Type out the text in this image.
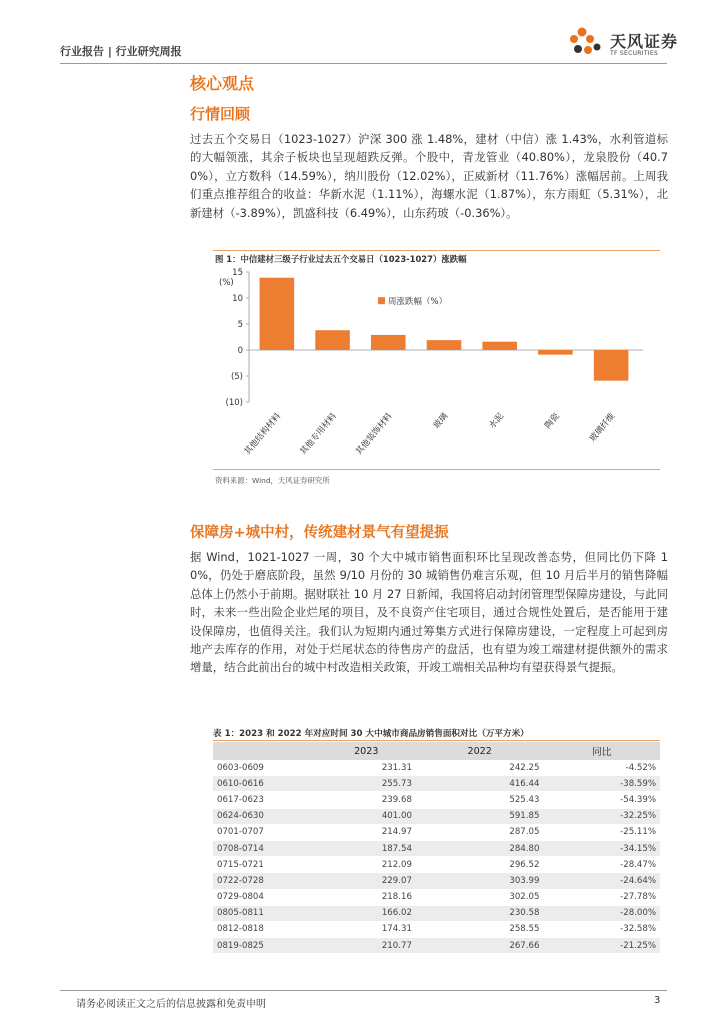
行业报告 | 行业研究周报
天风证券
TF SECURITIES
核心观点
行情回顾
过去五个交易日（1023-1027）沪深 300 涨 1.48%，建材（中信）涨 1.43%，水利管道标的大幅领涨，其余子板块也呈现超跌反弹。个股中，青龙管业（40.80%），龙泉股份（40.70%），立方数科（14.59%），纳川股份（12.02%），正威新材（11.76%）涨幅居前。上周我们重点推荐组合的收益：华新水泥（1.11%），海螺水泥（1.87%），东方雨虹（5.31%），北新建材（-3.89%），凯盛科技（6.49%），山东药玻（-0.36%）。
图 1：中信建材三级子行业过去五个交易日（1023-1027）涨跌幅
15
10
5
0
(5)
(10)
(%)
其他结构材料 其他专用材料 其他装饰材料	玻璃	水泥	陶瓷	玻璃纤维
周涨跌幅（%）
资料来源：Wind，天风证券研究所
保障房+城中村，传统建材景气有望提振
据 Wind，1021-1027 一周，30 个大中城市销售面积环比呈现改善态势，但同比仍下降 10%，仍处于磨底阶段，虽然 9/10 月份的 30 城销售仍难言乐观，但 10 月后半月的销售降幅总体上仍然小于前期。据财联社 10 月 27 日新闻，我国将启动封闭管理型保障房建设，与此同时，未来一些出险企业烂尾的项目，及不良资产住宅项目，通过合规性处置后，是否能用于建设保障房，也值得关注。我们认为短期内通过筹集方式进行保障房建设，一定程度上可起到房地产去库存的作用，对处于烂尾状态的待售房产的盘活，也有望为竣工端建材提供额外的需求增量，结合此前出台的城中村改造相关政策，开竣工端相关品种均有望获得景气提振。
表 1：2023 和 2022 年对应时间 30 大中城市商品房销售面积对比（万平方米）
	2023	2022	同比
0603-0609	231.31	242.25	-4.52%
0610-0616	255.73	416.44	-38.59%
0617-0623	239.68	525.43	-54.39%
0624-0630	401.00	591.85	-32.25%
0701-0707	214.97	287.05	-25.11%
0708-0714	187.54	284.80	-34.15%
0715-0721	212.09	296.52	-28.47%
0722-0728	229.07	303.99	-24.64%
0729-0804	218.16	302.05	-27.78%
0805-0811	166.02	230.58	-28.00%
0812-0818	174.31	258.55	-32.58%
0819-0825	210.77	267.66	-21.25%
请务必阅读正文之后的信息披露和免责申明	3
